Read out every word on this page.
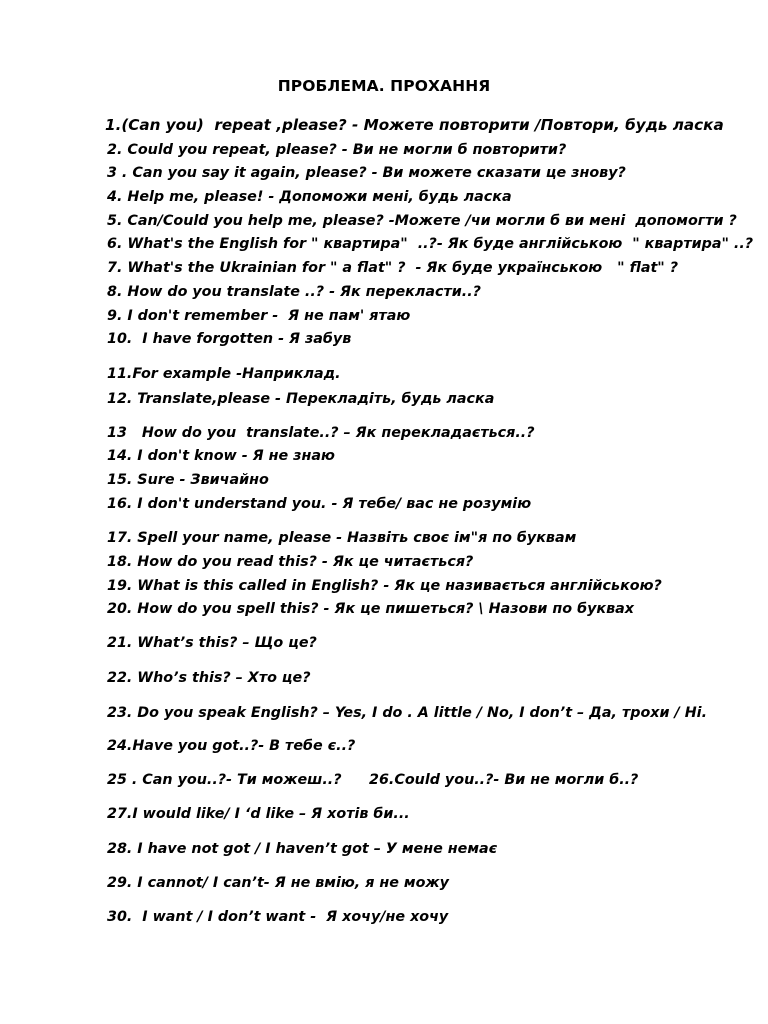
ПРОБЛЕМА. ПРОХАННЯ
1.(Can you)  repeat ,please? - Можете повторити /Повтори, будь ласка
2. Could you repeat, please? - Ви не могли б повторити?
3 . Can you say it again, please? - Ви можете сказати це знову?
4. Help me, please! - Допоможи мені, будь ласка
5. Can/Could you help me, please? -Можете /чи могли б ви мені  допомогти ?
6. What's the English for " квартира"  ..?- Як буде англійською  " квартира" ..?
7. What's the Ukrainian for " a flat" ?  - Як буде українською   " flat" ?
8. How do you translate ..? - Як перекласти..?
9. I don't remember -  Я не пам' ятаю
10.  I have forgotten - Я забув
11.For example -Наприклад.
12. Translate,please - Перекладіть, будь ласка
13   How do you  translate..? – Як перекладається..?
14. I don't know - Я не знаю
15. Sure - Звичайно
16. I don't understand you. - Я тебе/ вас не розумію
17. Spell your name, please - Назвіть своє ім"я по буквам
18. How do you read this? - Як це читається?
19. What is this called in English? - Як це називається англійською?
20. How do you spell this? - Як це пишеться? \ Назови по буквах
21. What’s this? – Що це?
22. Who’s this? – Хто це?
23. Do you speak English? – Yes, I do . A little / No, I don’t – Да, трохи / Ні.
24.Have you got..?- В тебе є..?
25 . Can you..?- Ти можеш..? 26.Could you..?- Ви не могли б..?
27.I would like/ I ‘d like – Я хотів би...
28. I have not got / I haven’t got – У мене немає
29. I cannot/ I can’t- Я не вмію, я не можу
30.  I want / I don’t want -  Я хочу/не хочу
